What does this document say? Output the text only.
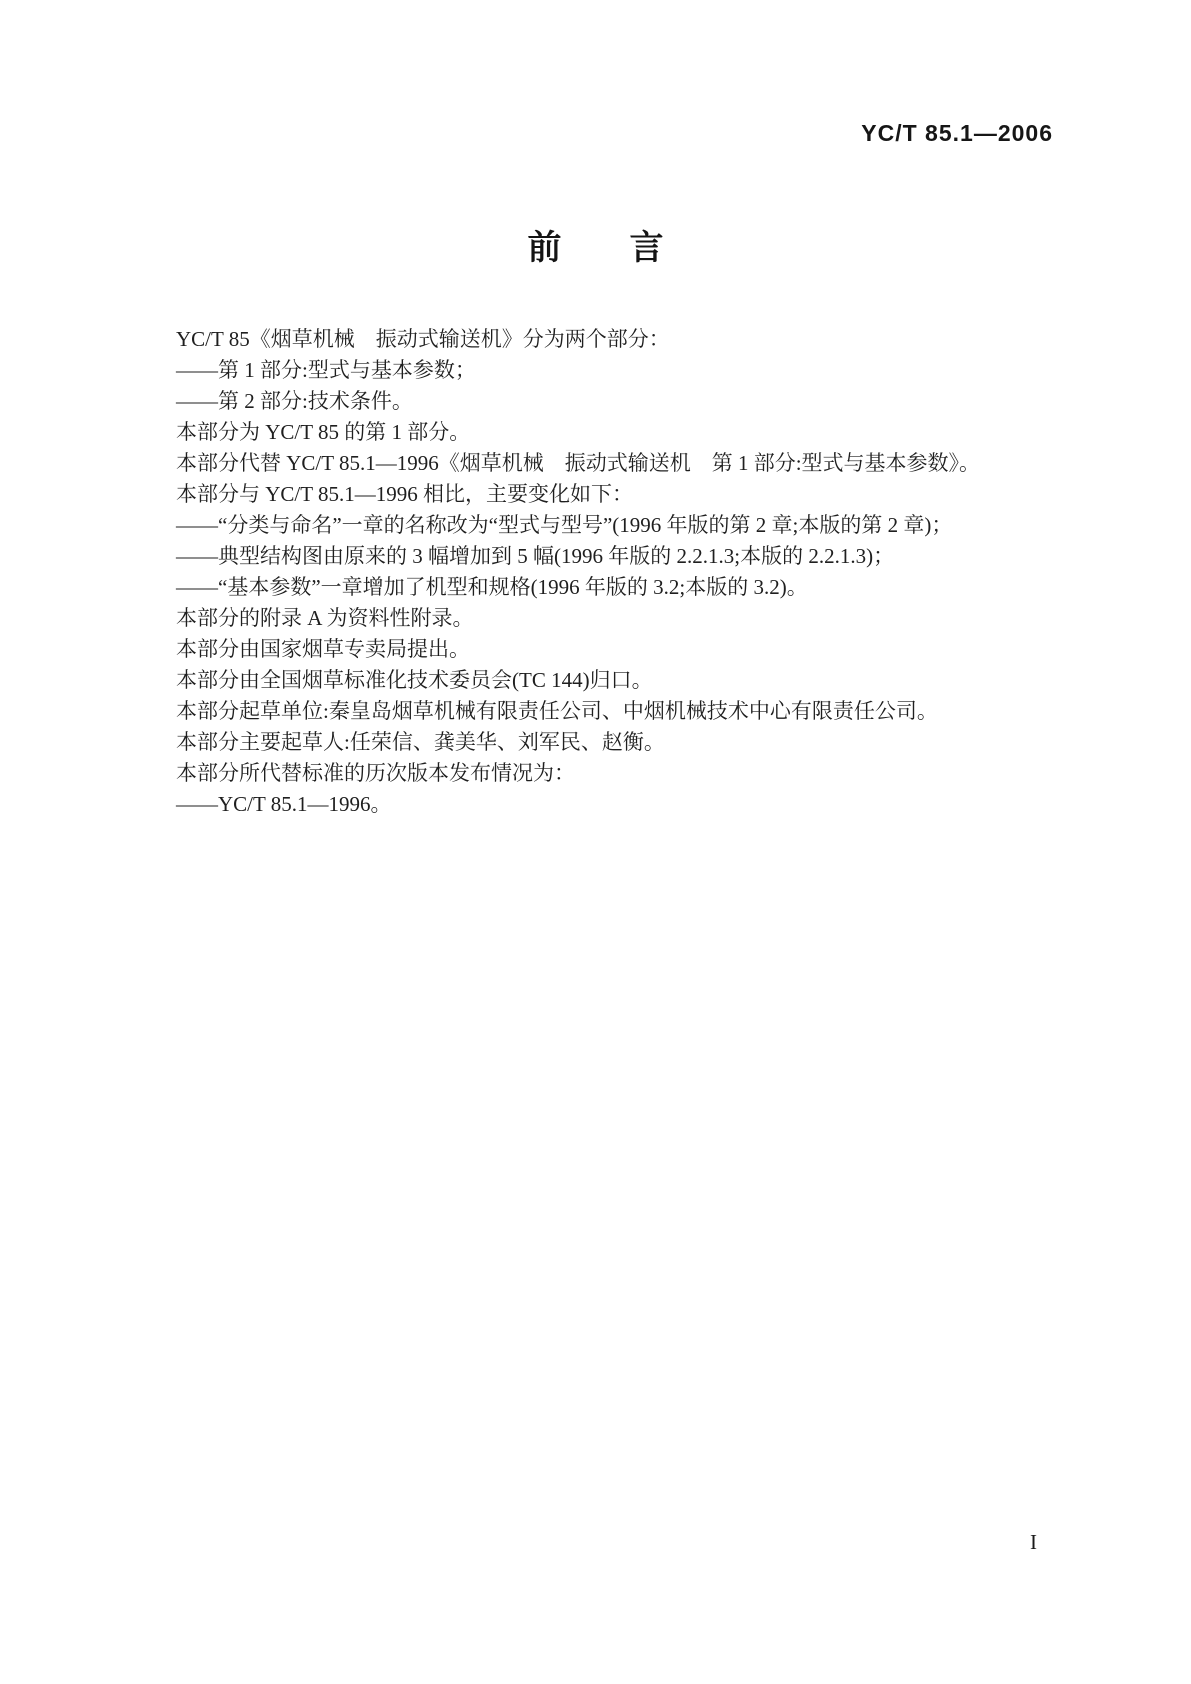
YC/T 85.1—2006
前　　言

YC/T 85《烟草机械　振动式输送机》分为两个部分：

——第 1 部分:型式与基本参数；

——第 2 部分:技术条件。

本部分为 YC/T 85 的第 1 部分。

本部分代替 YC/T 85.1—1996《烟草机械　振动式输送机　第 1 部分:型式与基本参数》。

本部分与 YC/T 85.1—1996 相比，主要变化如下：

——“分类与命名”一章的名称改为“型式与型号”(1996 年版的第 2 章;本版的第 2 章)；

——典型结构图由原来的 3 幅增加到 5 幅(1996 年版的 2.2.1.3;本版的 2.2.1.3)；

——“基本参数”一章增加了机型和规格(1996 年版的 3.2;本版的 3.2)。

本部分的附录 A 为资料性附录。

本部分由国家烟草专卖局提出。

本部分由全国烟草标准化技术委员会(TC 144)归口。

本部分起草单位:秦皇岛烟草机械有限责任公司、中烟机械技术中心有限责任公司。

本部分主要起草人:任荣信、龚美华、刘军民、赵衡。

本部分所代替标准的历次版本发布情况为：

——YC/T 85.1—1996。

I
